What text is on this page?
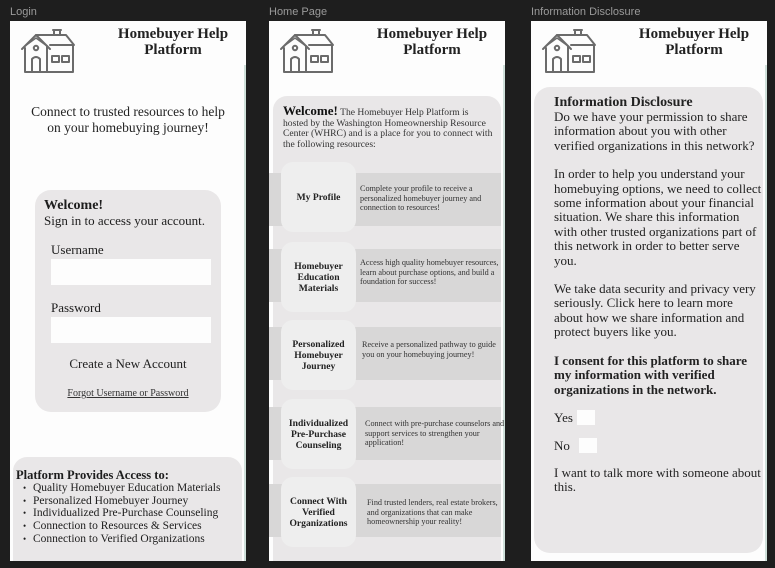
Login	Home Page	Information Disclosure
Homebuyer Help
Platform
Connect to trusted resources to help
on your homebuying journey!
Welcome!
Sign in to access your account.
Username
Password
Create a New Account
Forgot Username or Password
Platform Provides Access to:
• Quality Homebuyer Education Materials
• Personalized Homebuyer Journey
• Individualized Pre-Purchase Counseling
• Connection to Resources & Services
• Connection to Verified Organizations
Homebuyer Help
Platform
Welcome! The Homebuyer Help Platform is hosted by the Washington Homeownership Resource Center (WHRC) and is a place for you to connect with the following resources:
My Profile
Complete your profile to receive a personalized homebuyer journey and connection to resources!
Homebuyer Education Materials
Access high quality homebuyer resources, learn about purchase options, and build a foundation for success!
Personalized Homebuyer Journey
Receive a personalized pathway to guide you on your homebuying journey!
Individualized Pre-Purchase Counseling
Connect with pre-purchase counselors and support services to strengthen your application!
Connect With Verified Organizations
Find trusted lenders, real estate brokers, and organizations that can make homeownership your reality!
Homebuyer Help
Platform
Information Disclosure

Do we have your permission to share information about you with other verified organizations in this network?

In order to help you understand your homebuying options, we need to collect some information about your financial situation. We share this information with other trusted organizations part of this network in order to better serve you.

We take data security and privacy very seriously. Click here to learn more about how we share information and protect buyers like you.

I consent for this platform to share my information with verified organizations in the network.

Yes
No

I want to talk more with someone about this.
